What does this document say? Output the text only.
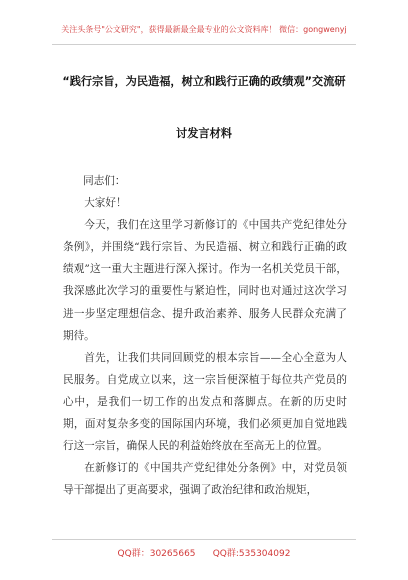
关注头条号"公文研究"，获得最新最全最专业的公文资料库！ 微信：gongwenyj
“践行宗旨，为民造福，树立和践行正确的政绩观”交流研
讨发言材料

同志们：

大家好！

今天，我们在这里学习新修订的《中国共产党纪律处分条例》，并围绕“践行宗旨、为民造福、树立和践行正确的政绩观”这一重大主题进行深入探讨。作为一名机关党员干部，我深感此次学习的重要性与紧迫性，同时也对通过这次学习进一步坚定理想信念、提升政治素养、服务人民群众充满了期待。

首先，让我们共同回顾党的根本宗旨——全心全意为人民服务。自党成立以来，这一宗旨便深植于每位共产党员的心中，是我们一切工作的出发点和落脚点。在新的历史时期，面对复杂多变的国际国内环境，我们必须更加自觉地践行这一宗旨，确保人民的利益始终放在至高无上的位置。

在新修订的《中国共产党纪律处分条例》中，对党员领导干部提出了更高要求，强调了政治纪律和政治规矩，

QQ群：30265665      QQ群:535304092
